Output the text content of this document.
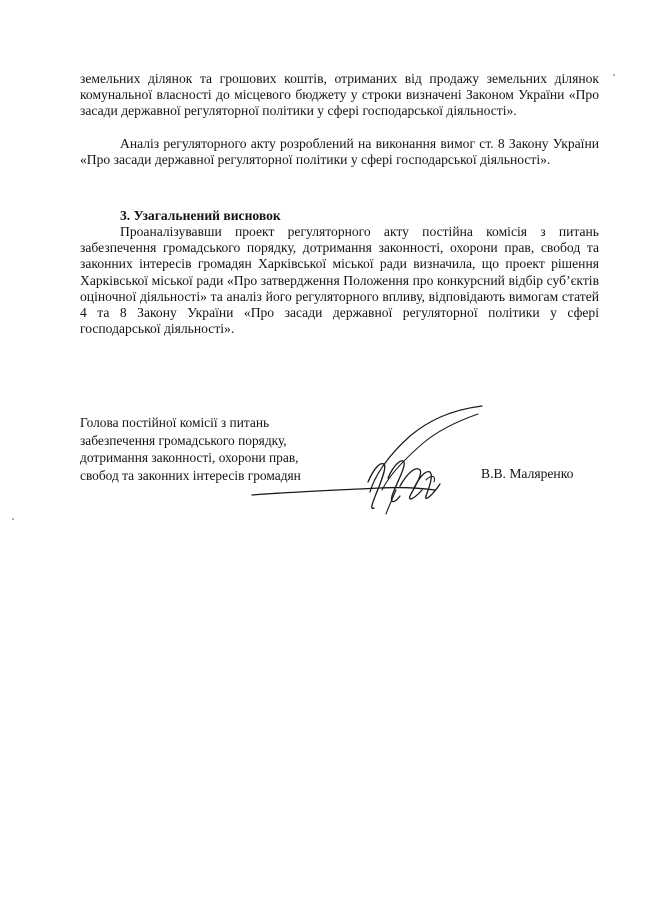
земельних ділянок та грошових коштів, отриманих від продажу земельних ділянок комунальної власності до місцевого бюджету у строки визначені Законом України «Про засади державної регуляторної політики у сфері господарської діяльності».

Аналіз регуляторного акту розроблений на виконання вимог ст. 8 Закону України «Про засади державної регуляторної політики у сфері господарської діяльності».

3. Узагальнений висновок

Проаналізувавши проект регуляторного акту постійна комісія з питань забезпечення громадського порядку, дотримання законності, охорони прав, свобод та законних інтересів громадян Харківської міської ради визначила, що проект рішення Харківської міської ради «Про затвердження Положення про конкурсний відбір суб’єктів оціночної діяльності» та аналіз його регуляторного впливу, відповідають вимогам статей 4 та 8 Закону України «Про засади державної регуляторної політики у сфері господарської діяльності».

Голова постійної комісії з питань
забезпечення громадського порядку,
дотримання законності, охорони прав,
свобод та законних інтересів громадян	В.В. Маляренко
